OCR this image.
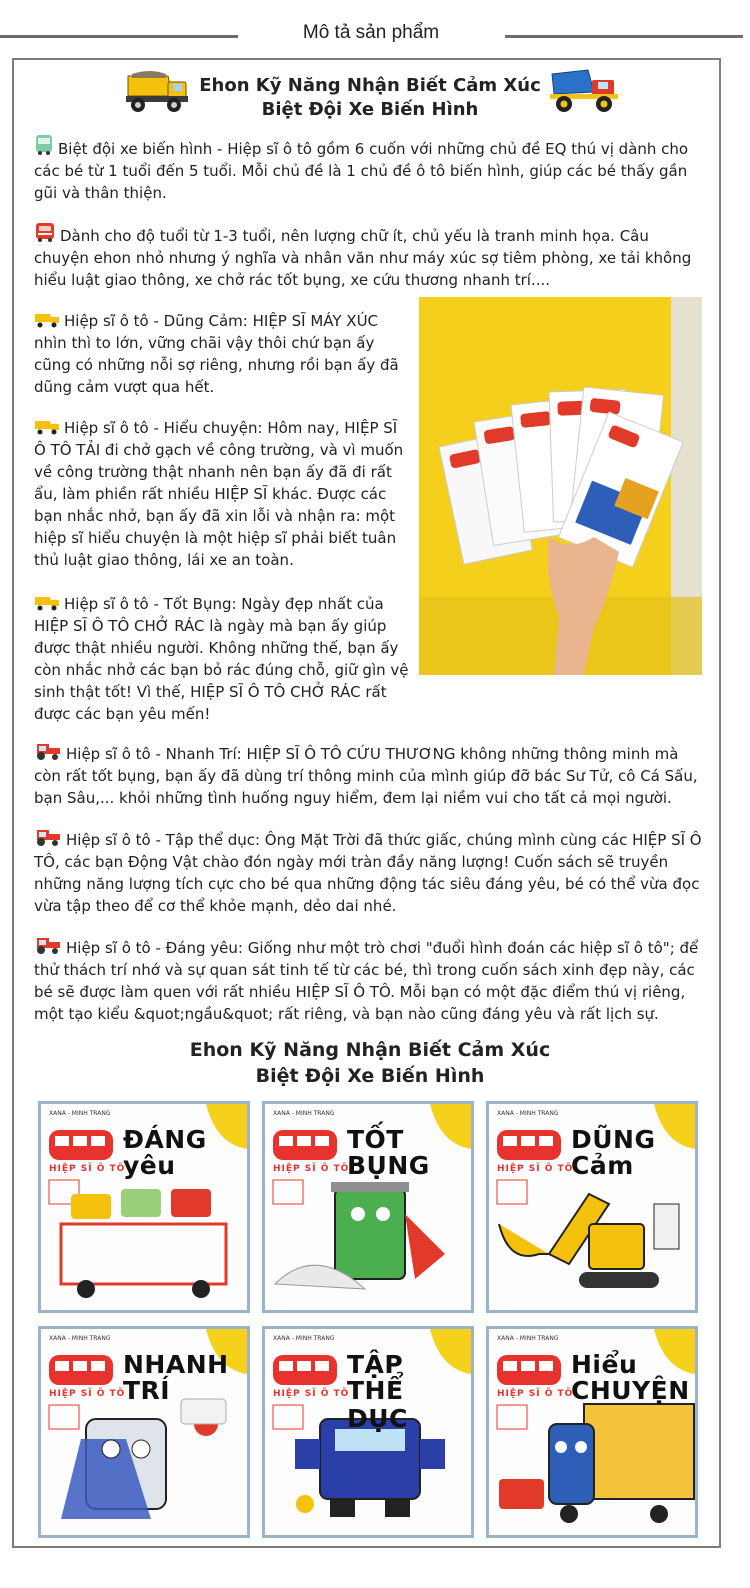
Mô tả sản phẩm
Ehon Kỹ Năng Nhận Biết Cảm Xúc
Biệt Đội Xe Biến Hình

Biệt đội xe biến hình - Hiệp sĩ ô tô gồm 6 cuốn với những chủ đề EQ thú vị dành cho các bé từ 1 tuổi đến 5 tuổi. Mỗi chủ đề là 1 chủ đề ô tô biến hình, giúp các bé thấy gần gũi và thân thiện.

Dành cho độ tuổi từ 1-3 tuổi, nên lượng chữ ít, chủ yếu là tranh minh họa. Câu chuyện ehon nhỏ nhưng ý nghĩa và nhân văn như máy xúc sợ tiêm phòng, xe tải không hiểu luật giao thông, xe chở rác tốt bụng, xe cứu thương nhanh trí....

Hiệp sĩ ô tô - Dũng Cảm: HIỆP SĨ MÁY XÚC nhìn thì to lớn, vững chãi vậy thôi chứ bạn ấy cũng có những nỗi sợ riêng, nhưng rồi bạn ấy đã dũng cảm vượt qua hết.

Hiệp sĩ ô tô - Hiểu chuyện: Hôm nay, HIỆP SĨ Ô TÔ TẢI đi chở gạch về công trường, và vì muốn về công trường thật nhanh nên bạn ấy đã đi rất ẩu, làm phiền rất nhiều HIỆP SĨ khác. Được các bạn nhắc nhở, bạn ấy đã xin lỗi và nhận ra: một hiệp sĩ hiểu chuyện là một hiệp sĩ phải biết tuân thủ luật giao thông, lái xe an toàn.

Hiệp sĩ ô tô - Tốt Bụng: Ngày đẹp nhất của HIỆP SĨ Ô TÔ CHỞ RÁC là ngày mà bạn ấy giúp được thật nhiều người. Không những thế, bạn ấy còn nhắc nhở các bạn bỏ rác đúng chỗ, giữ gìn vệ sinh thật tốt! Vì thế, HIỆP SĨ Ô TÔ CHỞ RÁC rất được các bạn yêu mến!

Hiệp sĩ ô tô - Nhanh Trí: HIỆP SĨ Ô TÔ CỨU THƯƠNG không những thông minh mà còn rất tốt bụng, bạn ấy đã dùng trí thông minh của mình giúp đỡ bác Sư Tử, cô Cá Sấu, bạn Sâu,... khỏi những tình huống nguy hiểm, đem lại niềm vui cho tất cả mọi người.

Hiệp sĩ ô tô - Tập thể dục: Ông Mặt Trời đã thức giấc, chúng mình cùng các HIỆP SĨ Ô TÔ, các bạn Động Vật chào đón ngày mới tràn đầy năng lượng! Cuốn sách sẽ truyền những năng lượng tích cực cho bé qua những động tác siêu đáng yêu, bé có thể vừa đọc vừa tập theo để cơ thể khỏe mạnh, dẻo dai nhé.

Hiệp sĩ ô tô - Đáng yêu: Giống như một trò chơi "đuổi hình đoán các hiệp sĩ ô tô"; để thử thách trí nhớ và sự quan sát tinh tế từ các bé, thì trong cuốn sách xinh đẹp này, các bé sẽ được làm quen với rất nhiều HIỆP SĨ Ô TÔ. Mỗi bạn có một đặc điểm thú vị riêng, một tạo kiểu &quot;ngầu&quot; rất riêng, và bạn nào cũng đáng yêu và rất lịch sự.

Ehon Kỹ Năng Nhận Biết Cảm Xúc
Biệt Đội Xe Biến Hình
XANA - MINH TRANG
HIỆP SĨ Ô TÔ
ĐÁNG
yêu
XANA - MINH TRANG
HIỆP SĨ Ô TÔ
TỐT
BỤNG
XANA - MINH TRANG
HIỆP SĨ Ô TÔ
DŨNG
Cảm
XANA - MINH TRANG
HIỆP SĨ Ô TÔ
NHANH
TRÍ
XANA - MINH TRANG
HIỆP SĨ Ô TÔ
TẬP
THỂ DỤC
XANA - MINH TRANG
HIỆP SĨ Ô TÔ
Hiểu
CHUYỆN
